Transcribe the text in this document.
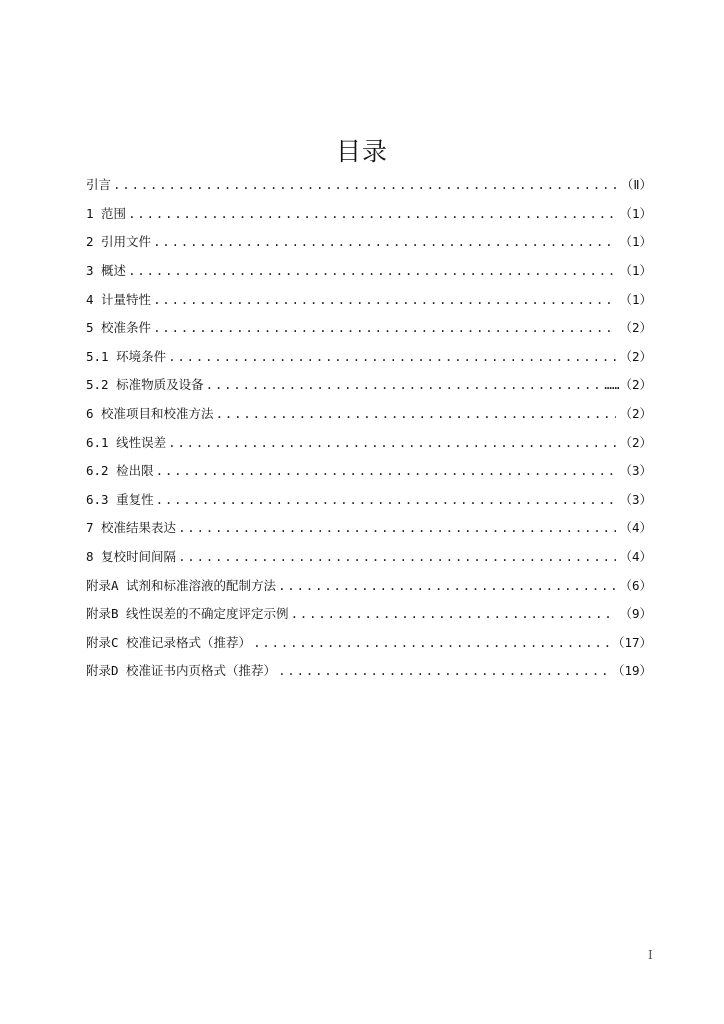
目录
引言 .....	（Ⅱ）
1 范围 .....	（1）
2 引用文件 .....	（1）
3 概述 .....	（1）
4 计量特性 .....	（1）
5 校准条件 .....	（2）
5.1 环境条件 .....	（2）
5.2 标准物质及设备 .....	……（2）
6 校准项目和校准方法 .....	（2）
6.1 线性误差 .....	（2）
6.2 检出限 .....	（3）
6.3 重复性 .....	（3）
7 校准结果表达 .....	（4）
8 复校时间间隔 .....	（4）
附录A 试剂和标准溶液的配制方法 .....	（6）
附录B 线性误差的不确定度评定示例 .....	（9）
附录C 校准记录格式（推荐） .....	（17）
附录D 校准证书内页格式（推荐） .....	（19）
I
